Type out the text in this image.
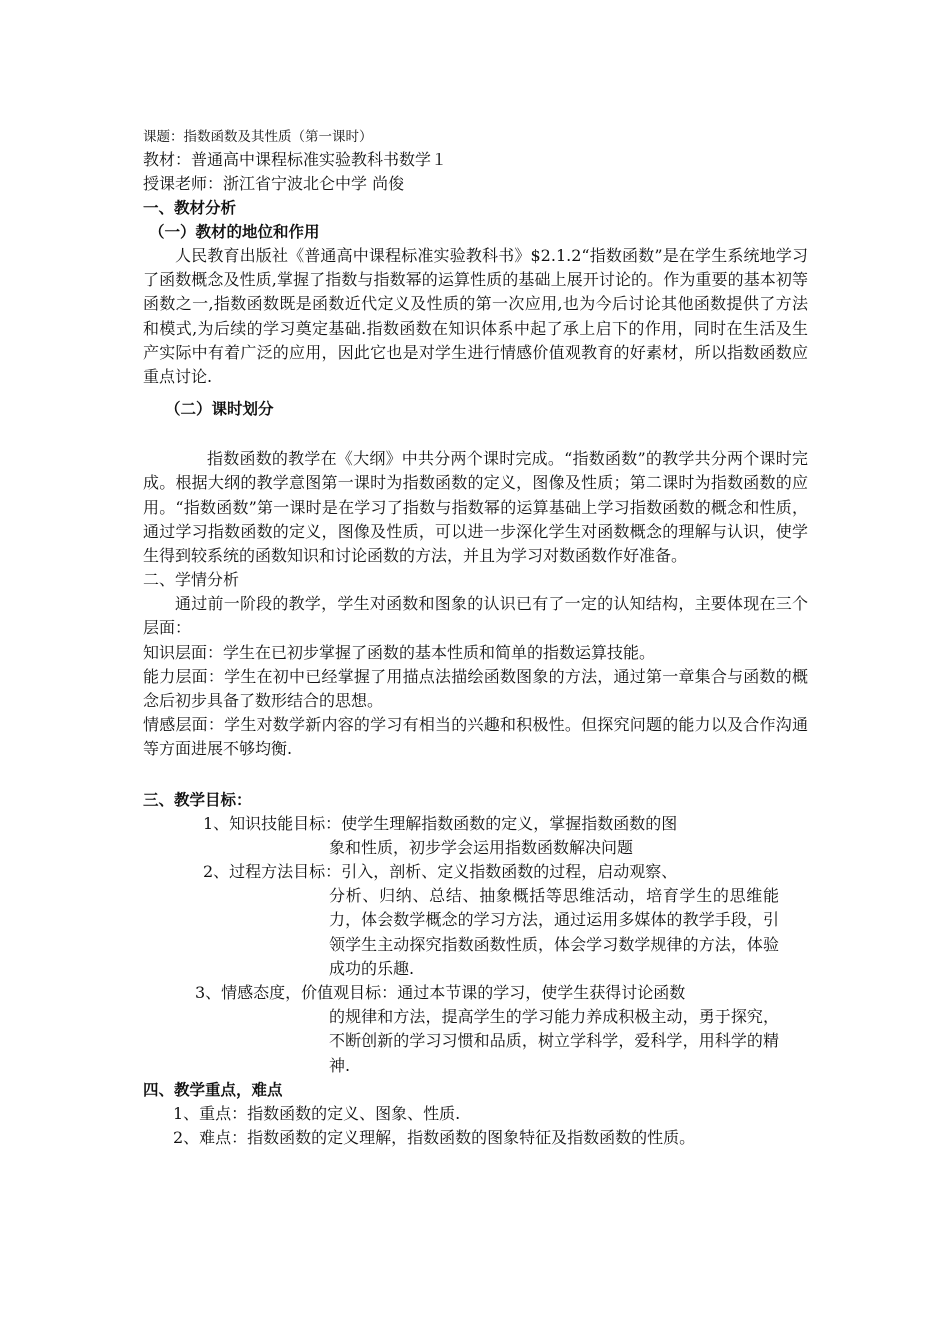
课题：指数函数及其性质（第一课时）
教材：普通高中课程标准实验教科书数学１
授课老师：浙江省宁波北仑中学 尚俊
一、教材分析
（一）教材的地位和作用
人民教育出版社《普通高中课程标准实验教科书》$2.1.2“指数函数”是在学生系统地学习了函数概念及性质,掌握了指数与指数幂的运算性质的基础上展开讨论的。作为重要的基本初等函数之一,指数函数既是函数近代定义及性质的第一次应用,也为今后讨论其他函数提供了方法和模式,为后续的学习奠定基础.指数函数在知识体系中起了承上启下的作用，同时在生活及生产实际中有着广泛的应用，因此它也是对学生进行情感价值观教育的好素材，所以指数函数应重点讨论.
（二）课时划分
指数函数的教学在《大纲》中共分两个课时完成。“指数函数”的教学共分两个课时完成。根据大纲的教学意图第一课时为指数函数的定义，图像及性质；第二课时为指数函数的应用。“指数函数”第一课时是在学习了指数与指数幂的运算基础上学习指数函数的概念和性质，通过学习指数函数的定义，图像及性质，可以进一步深化学生对函数概念的理解与认识，使学生得到较系统的函数知识和讨论函数的方法，并且为学习对数函数作好准备。
二、学情分析
通过前一阶段的教学，学生对函数和图象的认识已有了一定的认知结构，主要体现在三个层面：
知识层面：学生在已初步掌握了函数的基本性质和简单的指数运算技能。
能力层面：学生在初中已经掌握了用描点法描绘函数图象的方法，通过第一章集合与函数的概念后初步具备了数形结合的思想。
情感层面：学生对数学新内容的学习有相当的兴趣和积极性。但探究问题的能力以及合作沟通等方面进展不够均衡.
三、教学目标：
1、知识技能目标： 使学生理解指数函数的定义，掌握指数函数的图
象和性质，初步学会运用指数函数解决问题
2、过程方法目标： 引入，剖析、定义指数函数的过程，启动观察、
分析、归纳、总结、抽象概括等思维活动，培育学生的思维能力，体会数学概念的学习方法，通过运用多媒体的教学手段，引领学生主动探究指数函数性质，体会学习数学规律的方法，体验成功的乐趣.
3、情感态度，价值观目标： 通过本节课的学习，使学生获得讨论函数
的规律和方法，提高学生的学习能力养成积极主动，勇于探究，不断创新的学习习惯和品质，树立学科学，爱科学，用科学的精神.
四、教学重点，难点
1、重点：指数函数的定义、图象、性质.
2、难点：指数函数的定义理解，指数函数的图象特征及指数函数的性质。
